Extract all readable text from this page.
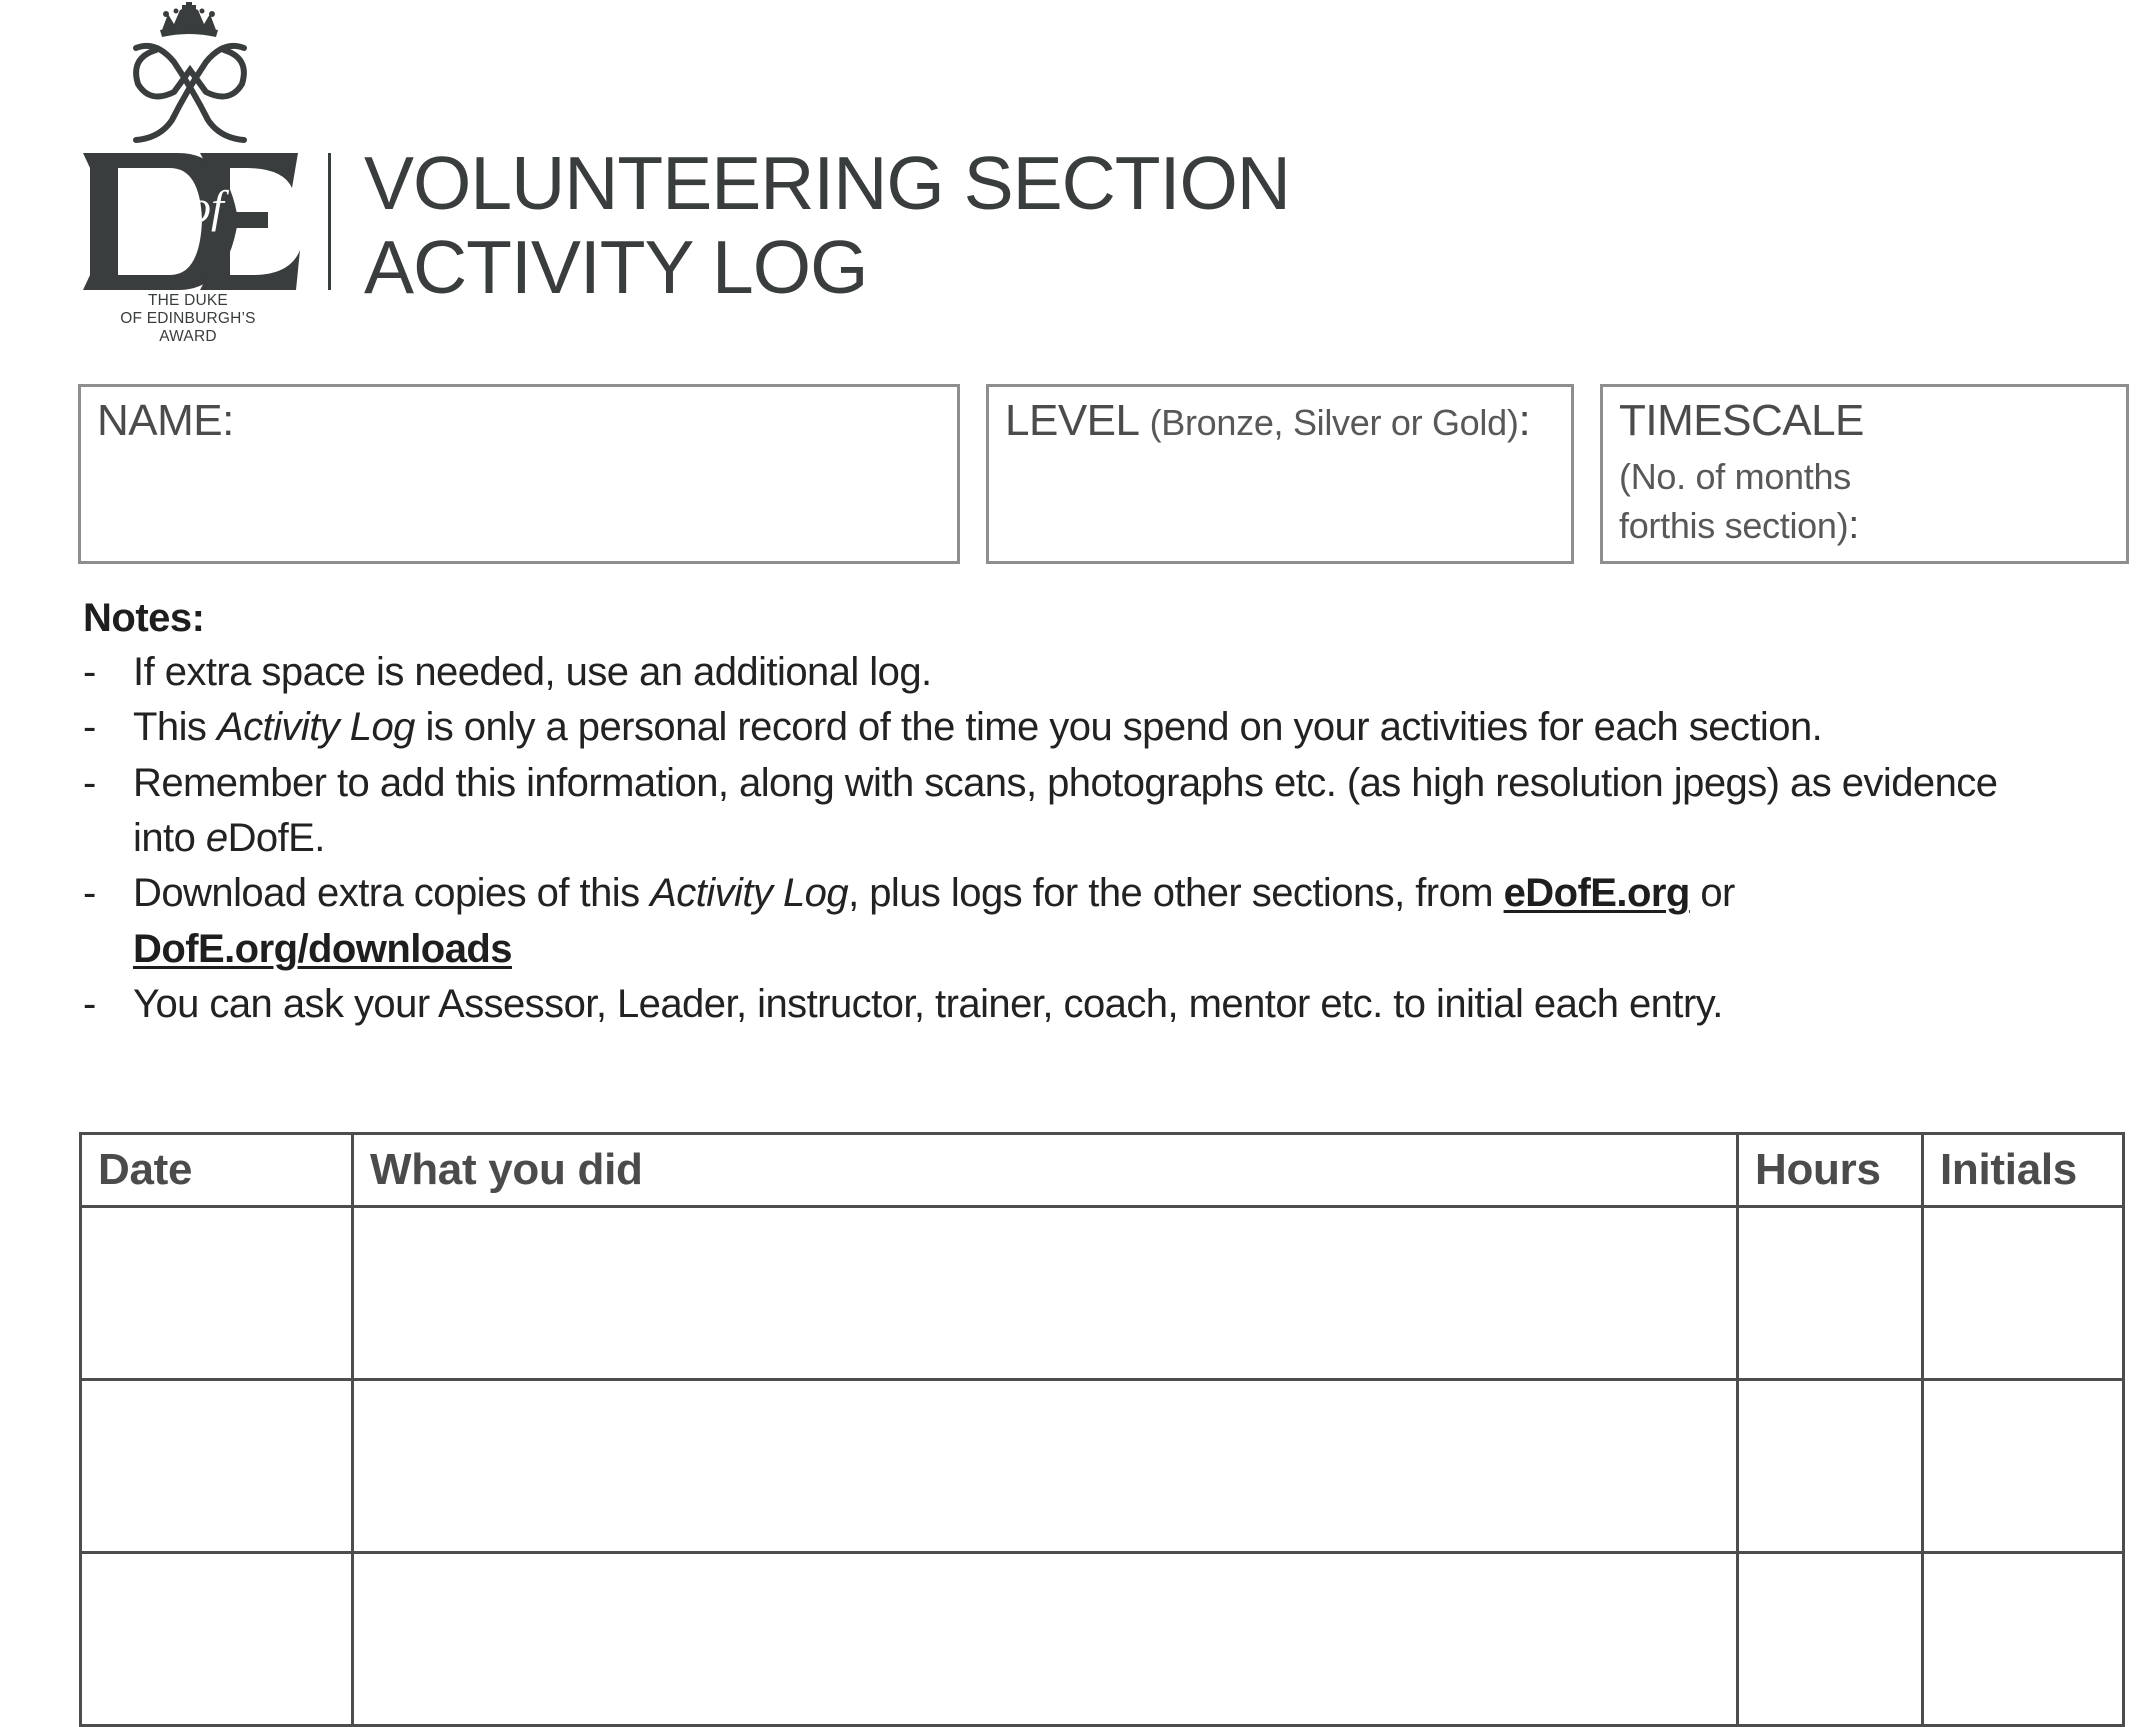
of
THE DUKE
OF EDINBURGH’S
AWARD
VOLUNTEERING SECTION
ACTIVITY LOG
NAME:	LEVEL (Bronze, Silver or Gold): TIMESCALE
(No. of months
forthis section):
Notes:
- If extra space is needed, use an additional log.
- This Activity Log is only a personal record of the time you spend on your activities for each section.
- Remember to add this information, along with scans, photographs etc. (as high resolution jpegs) as evidence
into eDofE.
- Download extra copies of this Activity Log, plus logs for the other sections, from eDofE.org or
DofE.org/downloads
- You can ask your Assessor, Leader, instructor, trainer, coach, mentor etc. to initial each entry.
Date	What you did	Hours	Initials
